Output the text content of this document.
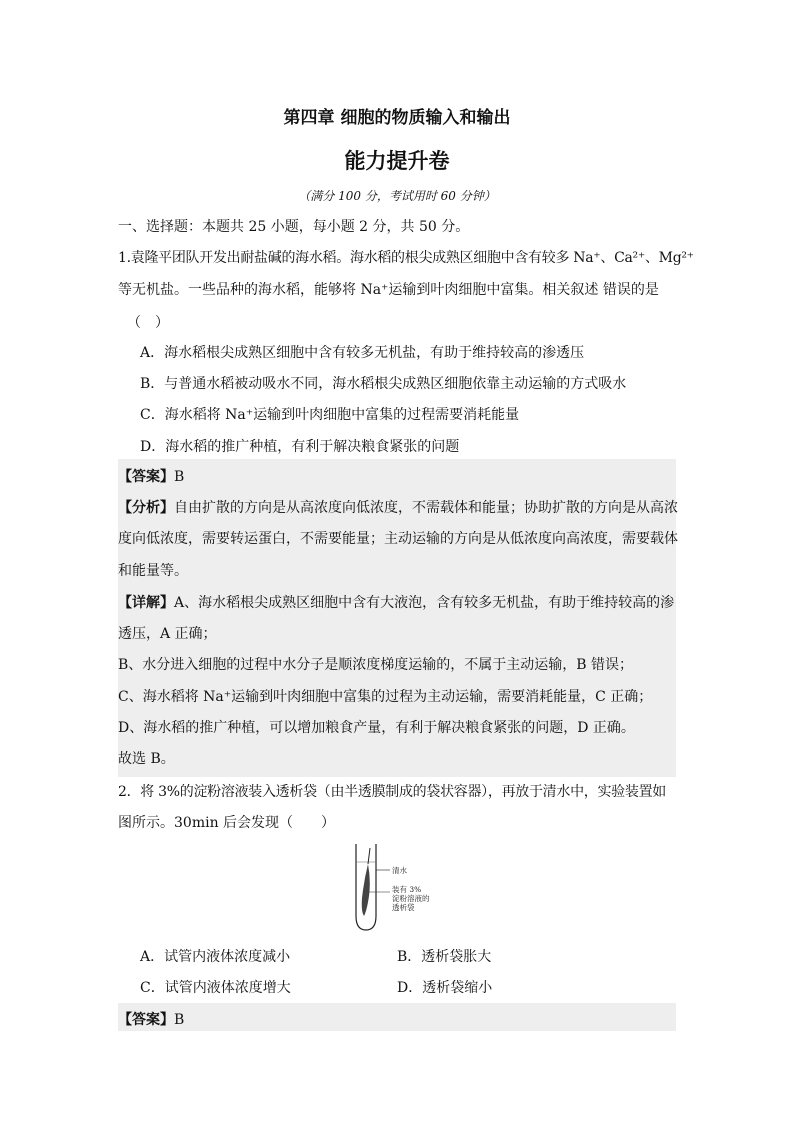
第四章 细胞的物质输入和输出
能力提升卷
（满分 100 分，考试用时 60 分钟）
一、选择题：本题共 25 小题，每小题 2 分，共 50 分。
1.袁隆平团队开发出耐盐碱的海水稻。海水稻的根尖成熟区细胞中含有较多 Na⁺、Ca²⁺、Mg²⁺
等无机盐。一些品种的海水稻，能够将 Na⁺运输到叶肉细胞中富集。相关叙述 错误的是
（　）
A．海水稻根尖成熟区细胞中含有较多无机盐，有助于维持较高的渗透压
B．与普通水稻被动吸水不同，海水稻根尖成熟区细胞依靠主动运输的方式吸水
C．海水稻将 Na⁺运输到叶肉细胞中富集的过程需要消耗能量
D．海水稻的推广种植，有利于解决粮食紧张的问题
【答案】B
【分析】自由扩散的方向是从高浓度向低浓度，不需载体和能量；协助扩散的方向是从高浓
度向低浓度，需要转运蛋白，不需要能量；主动运输的方向是从低浓度向高浓度，需要载体
和能量等。
【详解】A、海水稻根尖成熟区细胞中含有大液泡，含有较多无机盐，有助于维持较高的渗
透压，A 正确；
B、水分进入细胞的过程中水分子是顺浓度梯度运输的，不属于主动运输，B 错误；
C、海水稻将 Na⁺运输到叶肉细胞中富集的过程为主动运输，需要消耗能量，C 正确；
D、海水稻的推广种植，可以增加粮食产量，有利于解决粮食紧张的问题，D 正确。
故选 B。
2．将 3%的淀粉溶液装入透析袋（由半透膜制成的袋状容器），再放于清水中，实验装置如
图所示。30min 后会发现（　　）
清水
装有 3%
淀粉溶液的
透析袋
A．试管内液体浓度减小	B．透析袋胀大
C．试管内液体浓度增大	D．透析袋缩小
【答案】B
